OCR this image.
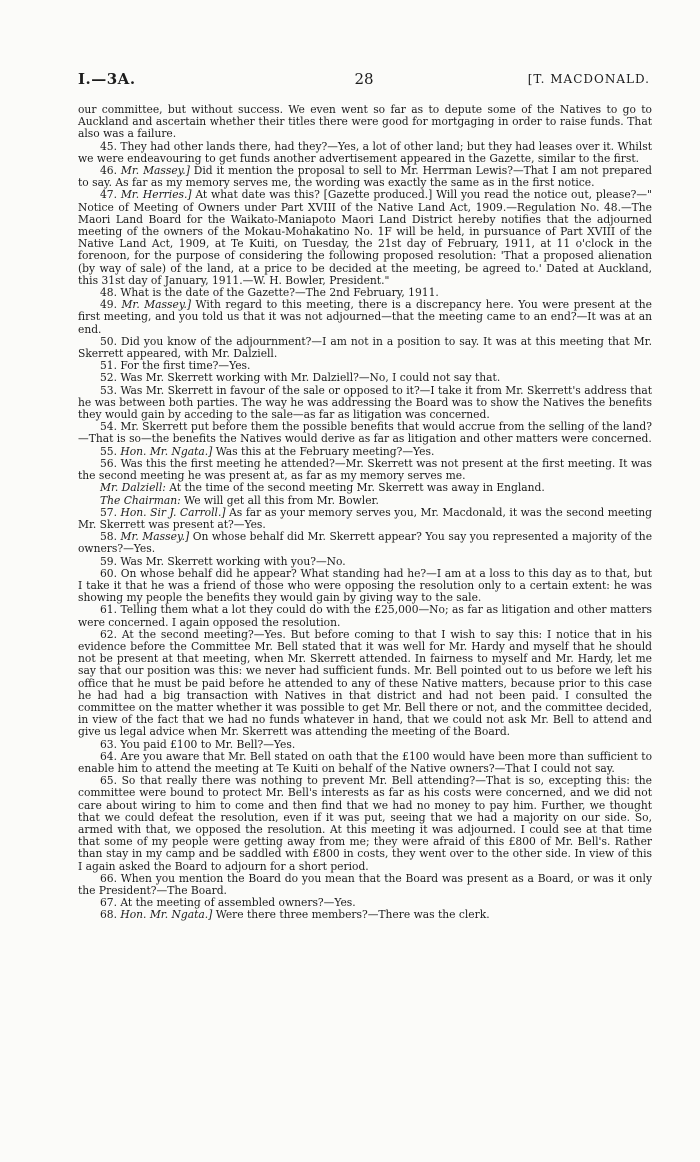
I.—3A.	28	[T. MACDONALD.

our committee, but without success. We even went so far as to depute some of the Natives to go to Auckland and ascertain whether their titles there were good for mortgaging in order to raise funds. That also was a failure.

45. They had other lands there, had they?—Yes, a lot of other land; but they had leases over it. Whilst we were endeavouring to get funds another advertisement appeared in the Gazette, similar to the first.

46. Mr. Massey.] Did it mention the proposal to sell to Mr. Herrman Lewis?—That I am not prepared to say. As far as my memory serves me, the wording was exactly the same as in the first notice.

47. Mr. Herries.] At what date was this? [Gazette produced.] Will you read the notice out, please?—" Notice of Meeting of Owners under Part XVIII of the Native Land Act, 1909.—Regulation No. 48.—The Maori Land Board for the Waikato-Maniapoto Maori Land District hereby notifies that the adjourned meeting of the owners of the Mokau-Mohakatino No. 1F will be held, in pursuance of Part XVIII of the Native Land Act, 1909, at Te Kuiti, on Tuesday, the 21st day of February, 1911, at 11 o'clock in the forenoon, for the purpose of considering the following proposed resolution: 'That a proposed alienation (by way of sale) of the land, at a price to be decided at the meeting, be agreed to.' Dated at Auckland, this 31st day of January, 1911.—W. H. Bowler, President."

48. What is the date of the Gazette?—The 2nd February, 1911.

49. Mr. Massey.] With regard to this meeting, there is a discrepancy here. You were present at the first meeting, and you told us that it was not adjourned—that the meeting came to an end?—It was at an end.

50. Did you know of the adjournment?—I am not in a position to say. It was at this meeting that Mr. Skerrett appeared, with Mr. Dalziell.

51. For the first time?—Yes.

52. Was Mr. Skerrett working with Mr. Dalziell?—No, I could not say that.

53. Was Mr. Skerrett in favour of the sale or opposed to it?—I take it from Mr. Skerrett's address that he was between both parties. The way he was addressing the Board was to show the Natives the benefits they would gain by acceding to the sale—as far as litigation was concerned.

54. Mr. Skerrett put before them the possible benefits that would accrue from the selling of the land?—That is so—the benefits the Natives would derive as far as litigation and other matters were concerned.

55. Hon. Mr. Ngata.] Was this at the February meeting?—Yes.

56. Was this the first meeting he attended?—Mr. Skerrett was not present at the first meeting. It was the second meeting he was present at, as far as my memory serves me.

Mr. Dalziell: At the time of the second meeting Mr. Skerrett was away in England.

The Chairman: We will get all this from Mr. Bowler.

57. Hon. Sir J. Carroll.] As far as your memory serves you, Mr. Macdonald, it was the second meeting Mr. Skerrett was present at?—Yes.

58. Mr. Massey.] On whose behalf did Mr. Skerrett appear? You say you represented a majority of the owners?—Yes.

59. Was Mr. Skerrett working with you?—No.

60. On whose behalf did he appear? What standing had he?—I am at a loss to this day as to that, but I take it that he was a friend of those who were opposing the resolution only to a certain extent: he was showing my people the benefits they would gain by giving way to the sale.

61. Telling them what a lot they could do with the £25,000—No; as far as litigation and other matters were concerned. I again opposed the resolution.

62. At the second meeting?—Yes. But before coming to that I wish to say this: I notice that in his evidence before the Committee Mr. Bell stated that it was well for Mr. Hardy and myself that he should not be present at that meeting, when Mr. Skerrett attended. In fairness to myself and Mr. Hardy, let me say that our position was this: we never had sufficient funds. Mr. Bell pointed out to us before we left his office that he must be paid before he attended to any of these Native matters, because prior to this case he had had a big transaction with Natives in that district and had not been paid. I consulted the committee on the matter whether it was possible to get Mr. Bell there or not, and the committee decided, in view of the fact that we had no funds whatever in hand, that we could not ask Mr. Bell to attend and give us legal advice when Mr. Skerrett was attending the meeting of the Board.

63. You paid £100 to Mr. Bell?—Yes.

64. Are you aware that Mr. Bell stated on oath that the £100 would have been more than sufficient to enable him to attend the meeting at Te Kuiti on behalf of the Native owners?—That I could not say.

65. So that really there was nothing to prevent Mr. Bell attending?—That is so, excepting this: the committee were bound to protect Mr. Bell's interests as far as his costs were concerned, and we did not care about wiring to him to come and then find that we had no money to pay him. Further, we thought that we could defeat the resolution, even if it was put, seeing that we had a majority on our side. So, armed with that, we opposed the resolution. At this meeting it was adjourned. I could see at that time that some of my people were getting away from me; they were afraid of this £800 of Mr. Bell's. Rather than stay in my camp and be saddled with £800 in costs, they went over to the other side. In view of this I again asked the Board to adjourn for a short period.

66. When you mention the Board do you mean that the Board was present as a Board, or was it only the President?—The Board.

67. At the meeting of assembled owners?—Yes.

68. Hon. Mr. Ngata.] Were there three members?—There was the clerk.
